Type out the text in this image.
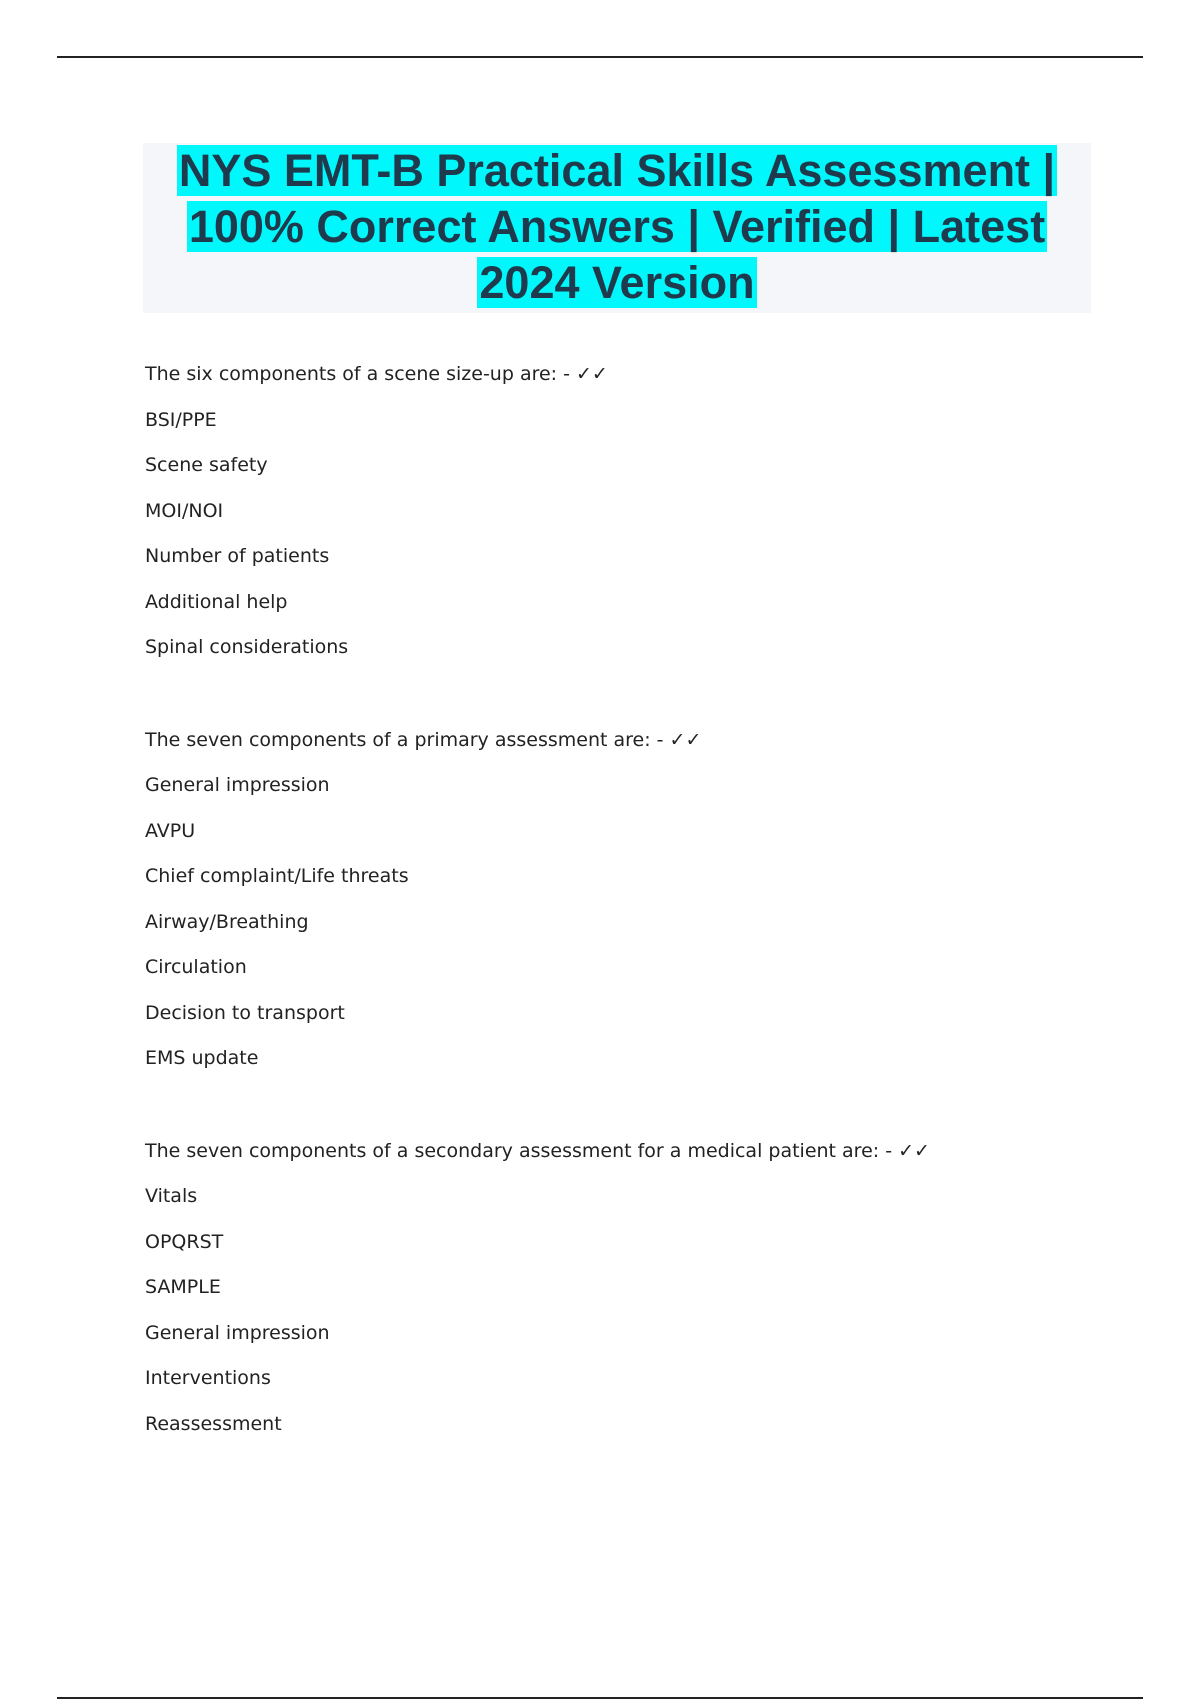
NYS EMT-B Practical Skills Assessment | 100% Correct Answers | Verified | Latest 2024 Version
The six components of a scene size-up are: - ✓✓
BSI/PPE
Scene safety
MOI/NOI
Number of patients
Additional help
Spinal considerations
The seven components of a primary assessment are: - ✓✓
General impression
AVPU
Chief complaint/Life threats
Airway/Breathing
Circulation
Decision to transport
EMS update
The seven components of a secondary assessment for a medical patient are: - ✓✓
Vitals
OPQRST
SAMPLE
General impression
Interventions
Reassessment
